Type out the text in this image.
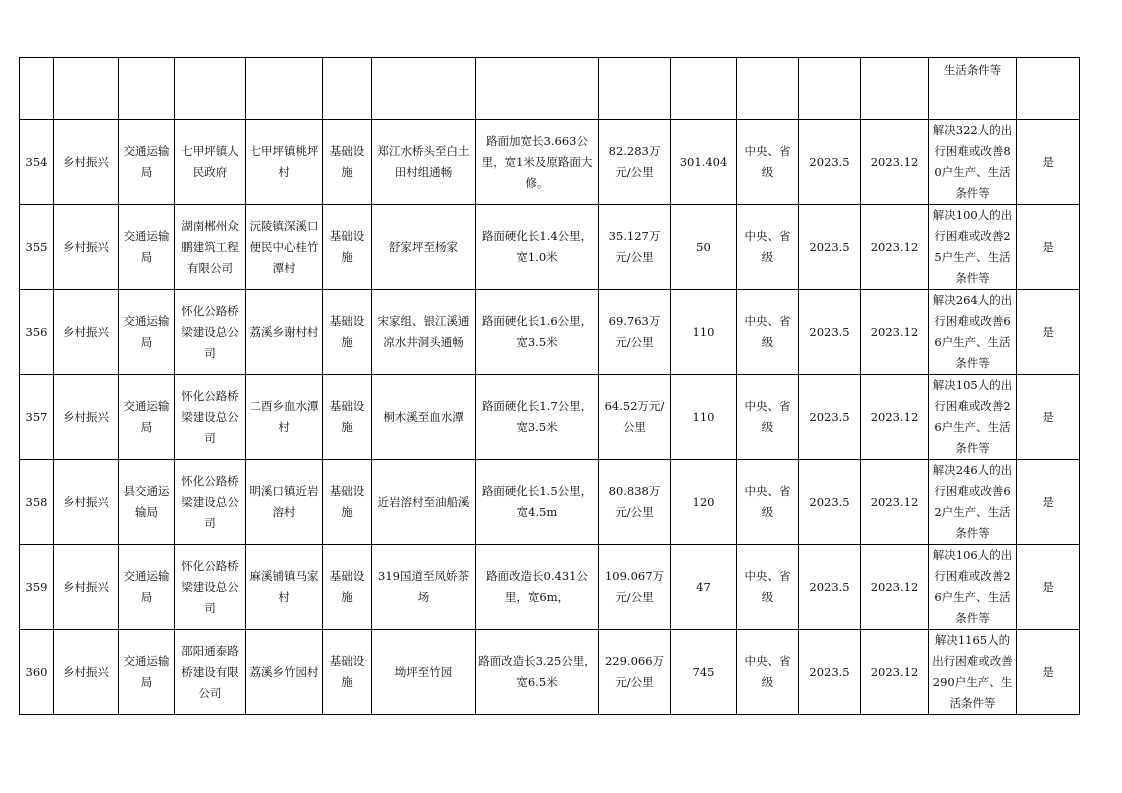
													生活条件等	
354	乡村振兴	交通运输局	七甲坪镇人民政府	七甲坪镇桃坪村	基础设施	郑江水桥头至白土田村组通畅	路面加宽长3.663公里，宽1米及原路面大修。	82.283万元/公里	301.404	中央、省级	2023.5	2023.12	解决322人的出行困难或改善80户生产、生活条件等	是
355	乡村振兴	交通运输局	湖南郴州众鹏建筑工程有限公司	沅陵镇深溪口便民中心桂竹潭村	基础设施	舒家坪至杨家	路面硬化长1.4公里，宽1.0米	35.127万元/公里	50	中央、省级	2023.5	2023.12	解决100人的出行困难或改善25户生产、生活条件等	是
356	乡村振兴	交通运输局	怀化公路桥梁建设总公司	荔溪乡谢村村	基础设施	宋家组、银江溪通凉水井洞头通畅	路面硬化长1.6公里，宽3.5米	69.763万元/公里	110	中央、省级	2023.5	2023.12	解决264人的出行困难或改善66户生产、生活条件等	是
357	乡村振兴	交通运输局	怀化公路桥梁建设总公司	二酉乡血水潭村	基础设施	桐木溪至血水潭	路面硬化长1.7公里，宽3.5米	64.52万元/公里	110	中央、省级	2023.5	2023.12	解决105人的出行困难或改善26户生产、生活条件等	是
358	乡村振兴	县交通运输局	怀化公路桥梁建设总公司	明溪口镇近岩溶村	基础设施	近岩溶村至油船溪	路面硬化长1.5公里，宽4.5m	80.838万元/公里	120	中央、省级	2023.5	2023.12	解决246人的出行困难或改善62户生产、生活条件等	是
359	乡村振兴	交通运输局	怀化公路桥梁建设总公司	麻溪铺镇马家村	基础设施	319国道至凤娇茶场	路面改造长0.431公里，宽6m，	109.067万元/公里	47	中央、省级	2023.5	2023.12	解决106人的出行困难或改善26户生产、生活条件等	是
360	乡村振兴	交通运输局	邵阳通泰路桥建设有限公司	荔溪乡竹园村	基础设施	坳坪至竹园	路面改造长3.25公里，宽6.5米	229.066万元/公里	745	中央、省级	2023.5	2023.12	解决1165人的出行困难或改善290户生产、生活条件等	是
